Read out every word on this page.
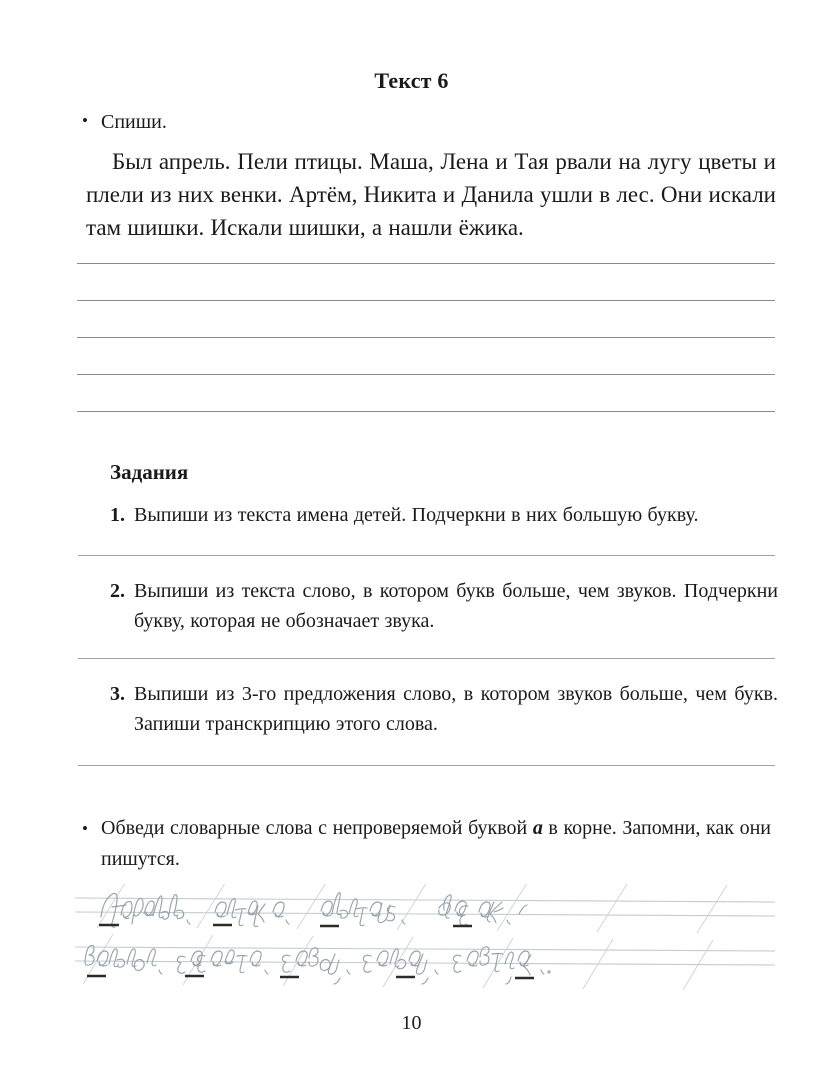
Текст 6
• Спиши.
Был апрель. Пели птицы. Маша, Лена и Тая рвали на лугу цветы и плели из них венки. Артём, Никита и Данила ушли в лес. Они искали там шишки. Искали шишки, а нашли ёжика.
Задания
1. Выпиши из текста имена детей. Подчеркни в них большую букву.
2. Выпиши из текста слово, в котором букв больше, чем звуков. Подчеркни букву, которая не обозначает звука.
3. Выпиши из 3-го предложения слово, в котором звуков больше, чем букв. Запиши транскрипцию этого слова.
• Обведи словарные слова с непроверяемой буквой а в корне. Запомни, как они пишутся.
10
